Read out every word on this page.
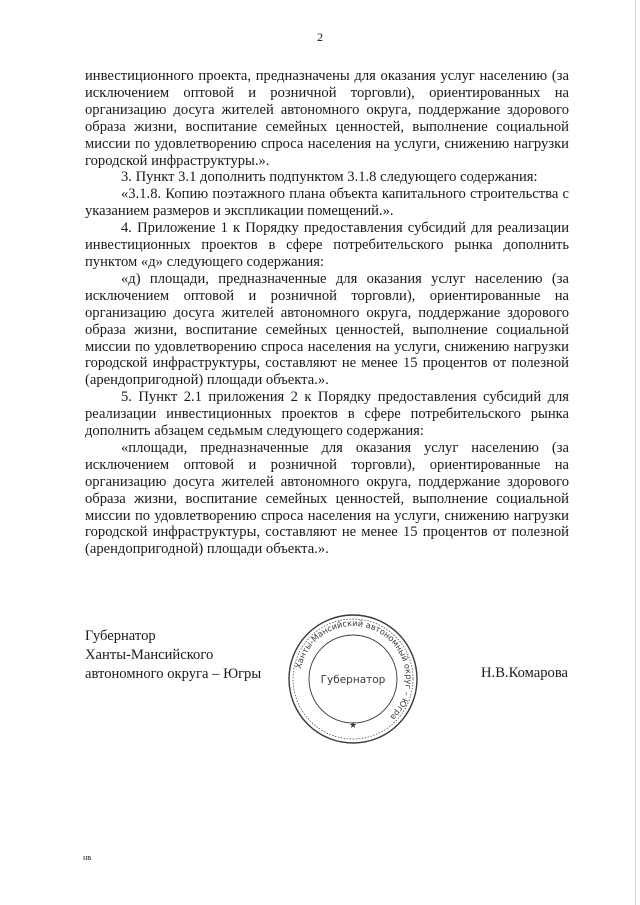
2

инвестиционного проекта, предназначены для оказания услуг населению (за исключением оптовой и розничной торговли), ориентированных на организацию досуга жителей автономного округа, поддержание здорового образа жизни, воспитание семейных ценностей, выполнение социальной миссии по удовлетворению спроса населения на услуги, снижению нагрузки городской инфраструктуры.».

3. Пункт 3.1 дополнить подпунктом 3.1.8 следующего содержания:

«3.1.8. Копию поэтажного плана объекта капитального строительства с указанием размеров и экспликации помещений.».

4. Приложение 1 к Порядку предоставления субсидий для реализации инвестиционных проектов в сфере потребительского рынка дополнить пунктом «д» следующего содержания:

«д) площади, предназначенные для оказания услуг населению (за исключением оптовой и розничной торговли), ориентированные на организацию досуга жителей автономного округа, поддержание здорового образа жизни, воспитание семейных ценностей, выполнение социальной миссии по удовлетворению спроса населения на услуги, снижению нагрузки городской инфраструктуры, составляют не менее 15 процентов от полезной (арендопригодной) площади объекта.».

5. Пункт 2.1 приложения 2 к Порядку предоставления субсидий для реализации инвестиционных проектов в сфере потребительского рынка дополнить абзацем седьмым следующего содержания:

«площади, предназначенные для оказания услуг населению (за исключением оптовой и розничной торговли), ориентированные на организацию досуга жителей автономного округа, поддержание здорового образа жизни, воспитание семейных ценностей, выполнение социальной миссии по удовлетворению спроса населения на услуги, снижению нагрузки городской инфраструктуры, составляют не менее 15 процентов от полезной (арендопригодной) площади объекта.».

Губернатор
Ханты-Мансийского
автономного округа – Югры
Ханты-Мансийский автономный округ – Югра
Губернатор
★
Н.В.Комарова
нв
